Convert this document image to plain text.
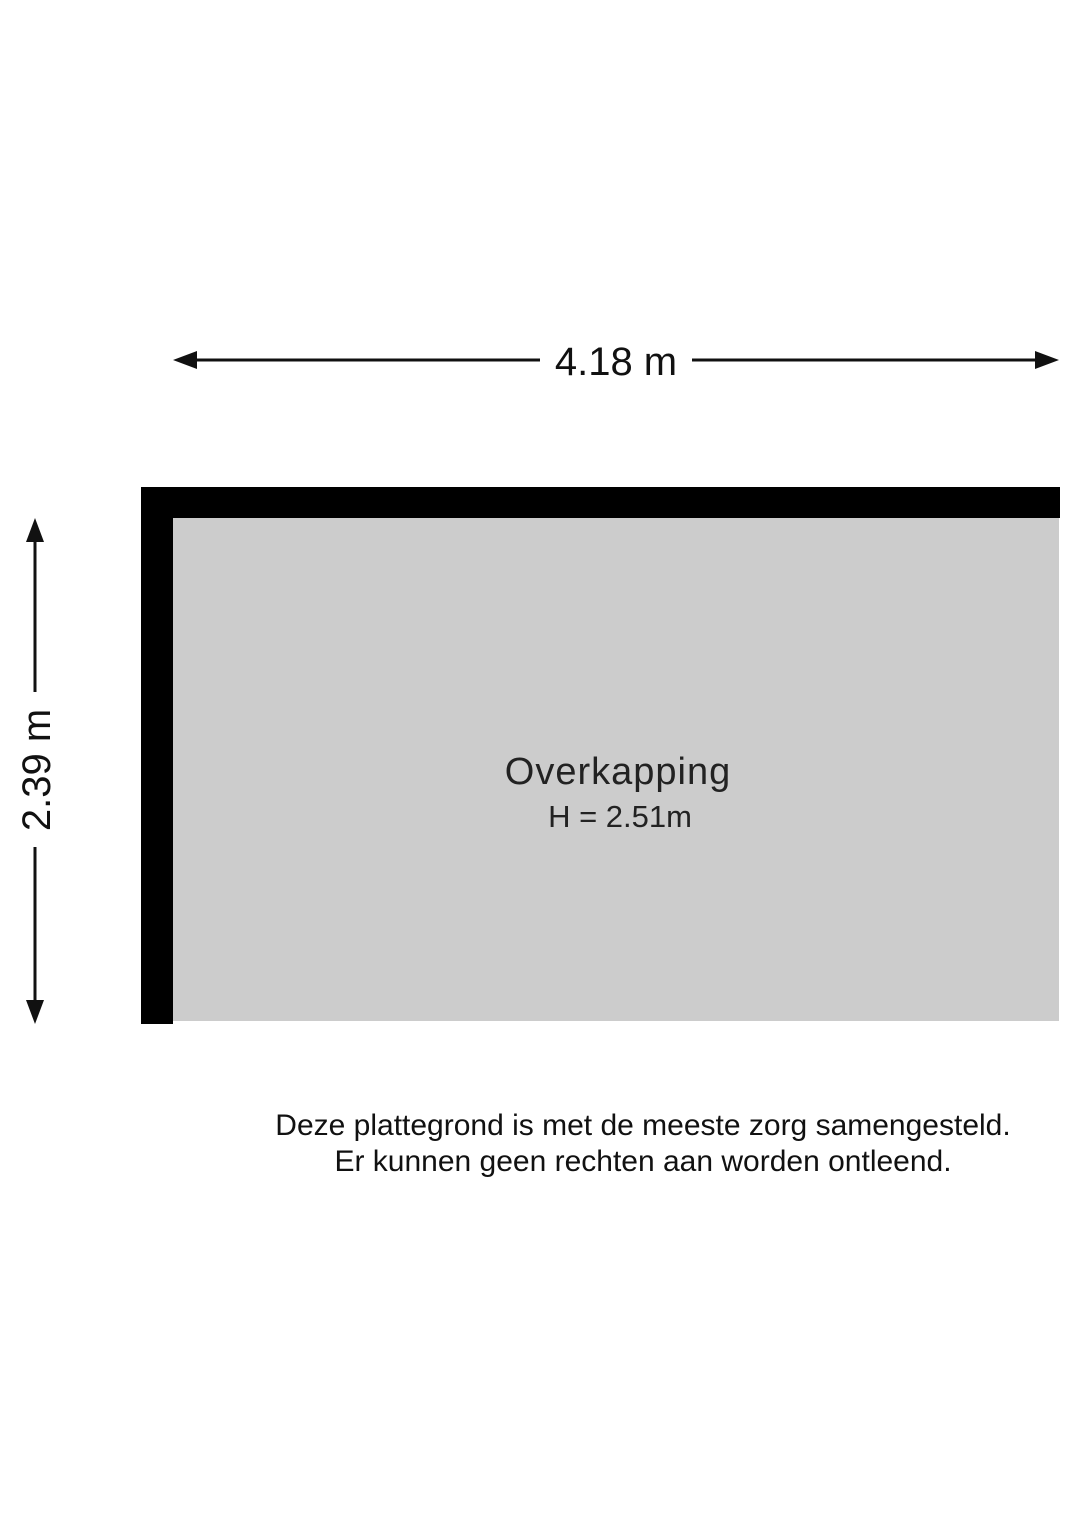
4.18 m
2.39 m	Overkapping
H = 2.51m
Deze plattegrond is met de meeste zorg samengesteld.
Er kunnen geen rechten aan worden ontleend.
